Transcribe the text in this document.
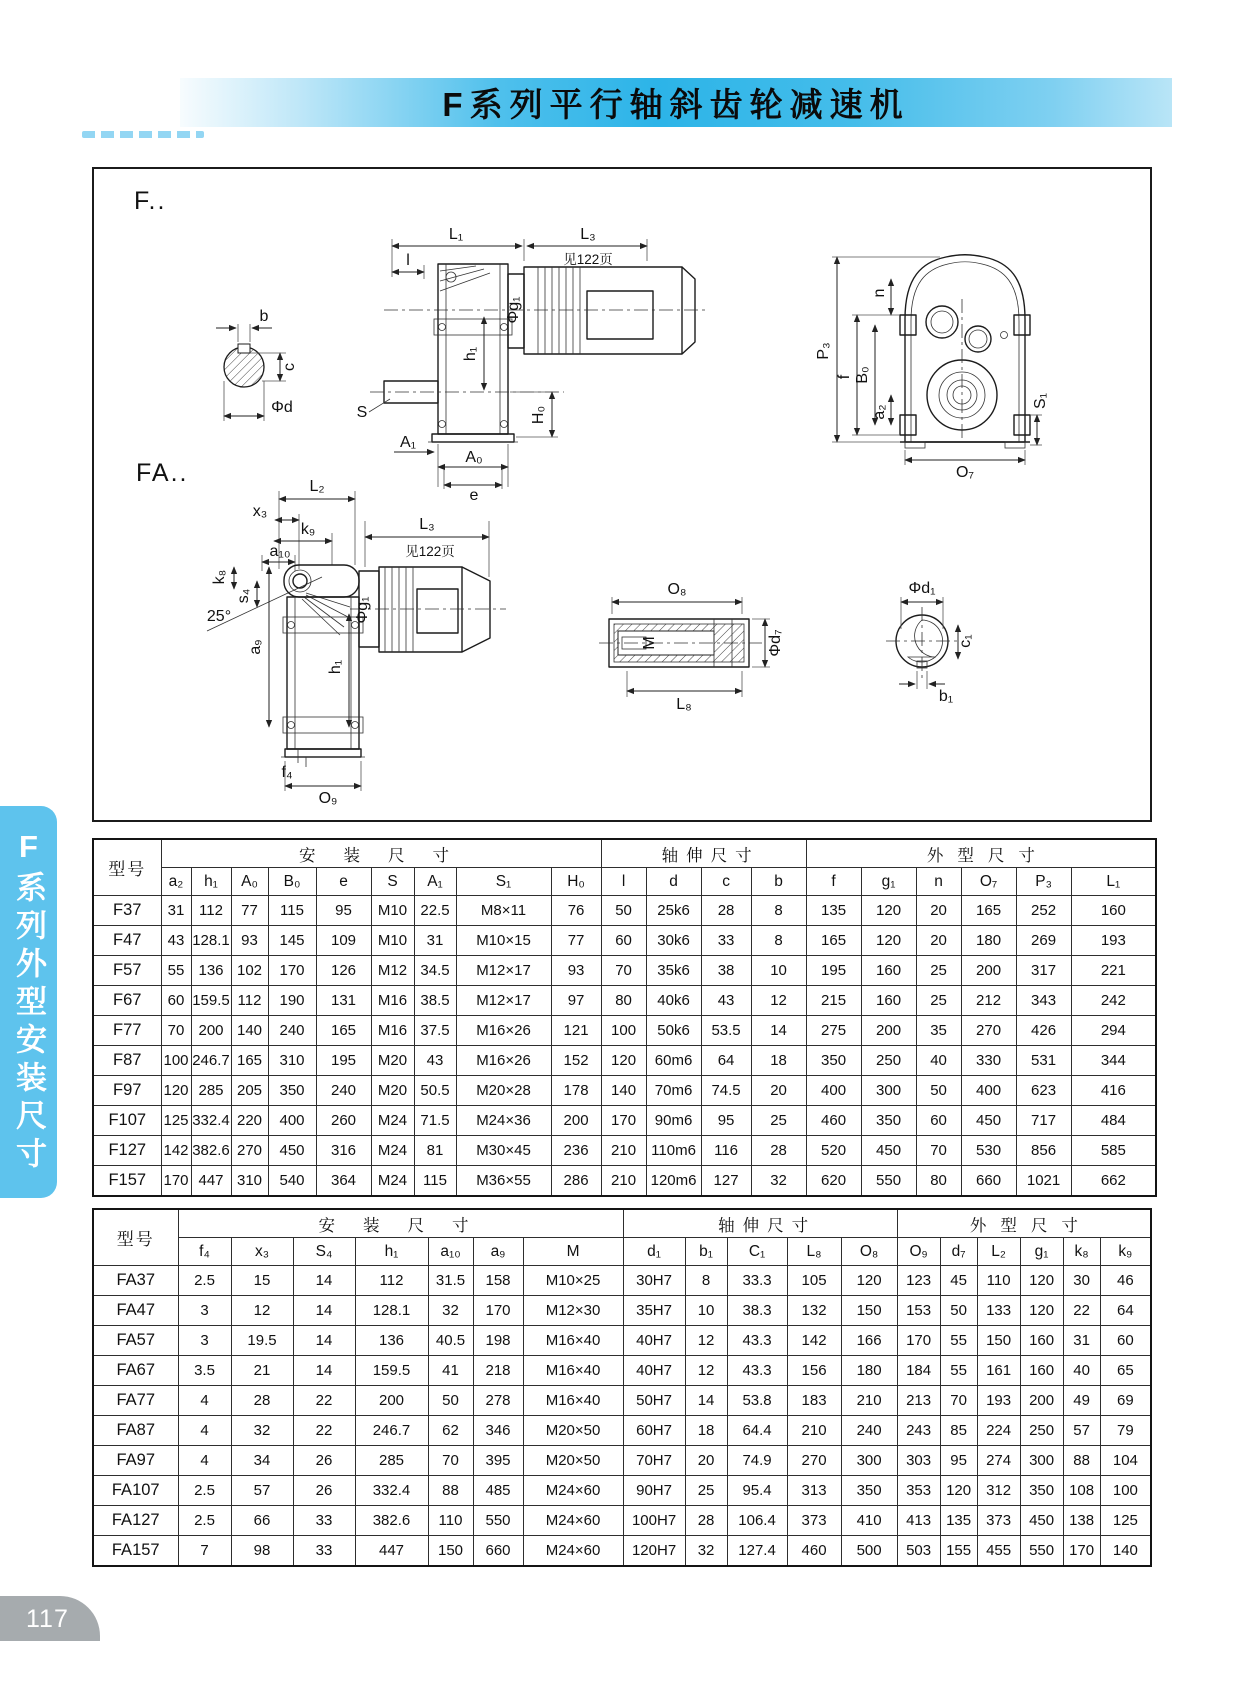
F系列平行轴斜齿轮减速机
F..
b
c
Φd
L₁	L₃
见122页
l
Φg₁
h₁
S	H₀
A₁
A₀
e
P₃
f B₀
a₂
n
S₁
O₇
FA..	L₂
x₃
k₉
a₁₀
k₈
s₄
25°	Φg₁
h₁
a₉
L₃
见122页
f₄
O₉
M
O₈
L₈
Φd₇
Φd₁
c₁
b₁
F系列外型安装尺寸	型号	安装尺寸									轴伸尺寸				外型尺寸					
	a₂	h₁	A₀	B₀	e	S	A₁	S₁	H₀	l	d	c	b	f	g₁	n	O₇	P₃	L₁
F37	31	112	77	115	95	M10	22.5	M8×11	76	50	25k6	28	8	135	120	20	165	252	160
F47	43	128.1	93	145	109	M10	31	M10×15	77	60	30k6	33	8	165	120	20	180	269	193
F57	55	136	102	170	126	M12	34.5	M12×17	93	70	35k6	38	10	195	160	25	200	317	221
F67	60	159.5	112	190	131	M16	38.5	M12×17	97	80	40k6	43	12	215	160	25	212	343	242
F77	70	200	140	240	165	M16	37.5	M16×26	121	100	50k6	53.5	14	275	200	35	270	426	294
F87	100	246.7	165	310	195	M20	43	M16×26	152	120	60m6	64	18	350	250	40	330	531	344
F97	120	285	205	350	240	M20	50.5	M20×28	178	140	70m6	74.5	20	400	300	50	400	623	416
F107	125	332.4	220	400	260	M24	71.5	M24×36	200	170	90m6	95	25	460	350	60	450	717	484
F127	142	382.6	270	450	316	M24	81	M30×45	236	210	110m6	116	28	520	450	70	530	856	585
F157	170	447	310	540	364	M24	115	M36×55	286	210	120m6	127	32	620	550	80	660	1021	662
型号	安装尺寸							轴伸尺寸					外型尺寸					
	f₄	x₃	S₄	h₁	a₁₀	a₉	M	d₁	b₁	C₁	L₈	O₈	O₉	d₇	L₂	g₁	k₈	k₉
FA37	2.5	15	14	112	31.5	158	M10×25	30H7	8	33.3	105	120	123	45	110	120	30	46
FA47	3	12	14	128.1	32	170	M12×30	35H7	10	38.3	132	150	153	50	133	120	22	64
FA57	3	19.5	14	136	40.5	198	M16×40	40H7	12	43.3	142	166	170	55	150	160	31	60
FA67	3.5	21	14	159.5	41	218	M16×40	40H7	12	43.3	156	180	184	55	161	160	40	65
FA77	4	28	22	200	50	278	M16×40	50H7	14	53.8	183	210	213	70	193	200	49	69
FA87	4	32	22	246.7	62	346	M20×50	60H7	18	64.4	210	240	243	85	224	250	57	79
FA97	4	34	26	285	70	395	M20×50	70H7	20	74.9	270	300	303	95	274	300	88	104
FA107	2.5	57	26	332.4	88	485	M24×60	90H7	25	95.4	313	350	353	120	312	350	108	100
FA127	2.5	66	33	382.6	110	550	M24×60	100H7	28	106.4	373	410	413	135	373	450	138	125
FA157	7	98	33	447	150	660	M24×60	120H7	32	127.4	460	500	503	155	455	550	170	140
117
